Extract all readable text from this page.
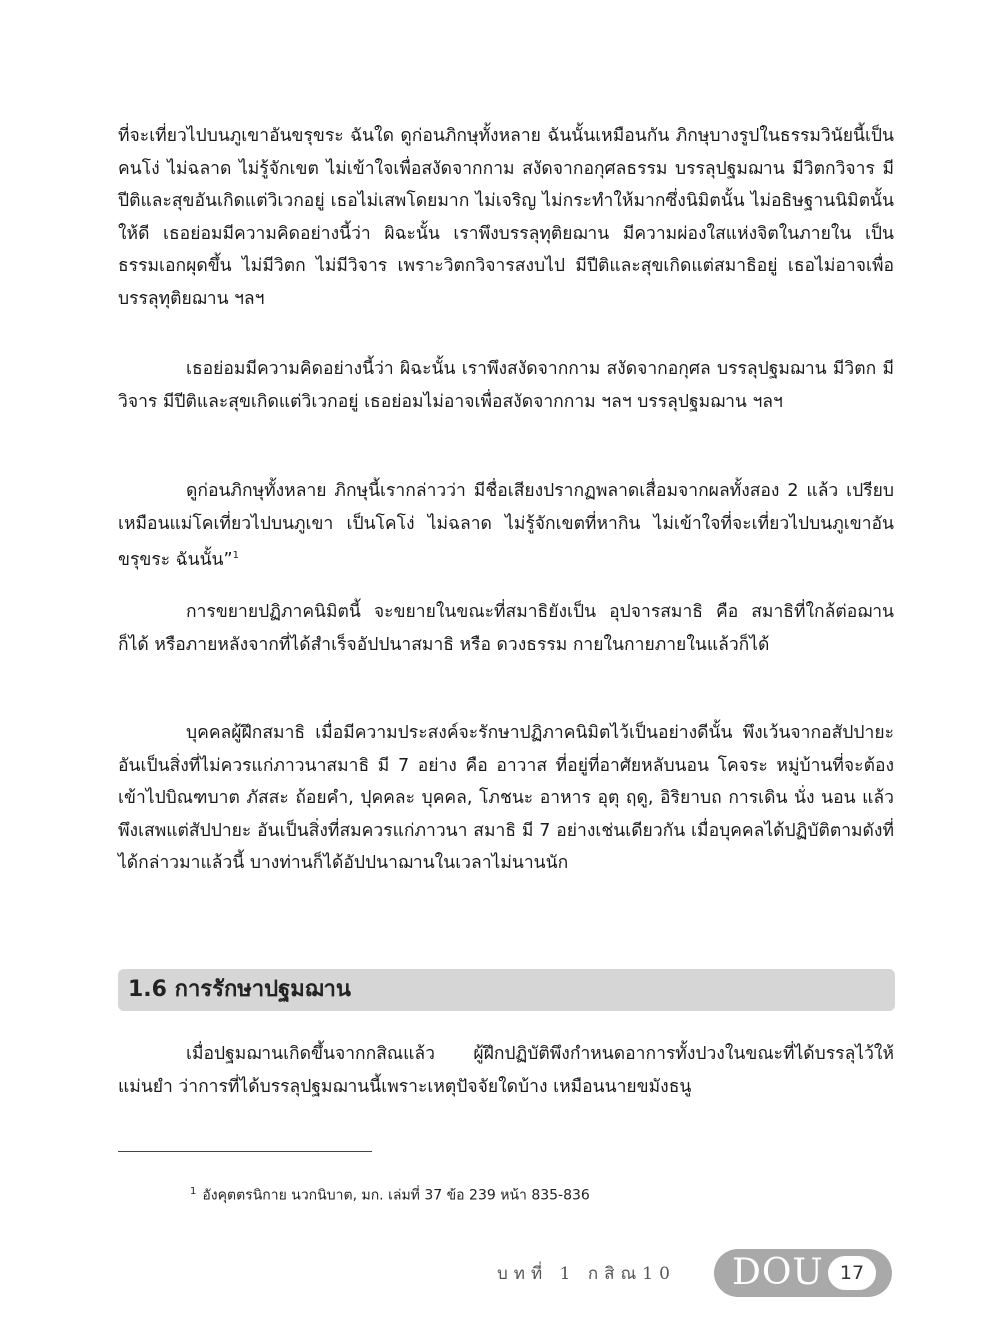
ที่จะเที่ยวไปบนภูเขาอันขรุขระ ฉันใด ดูก่อนภิกษุทั้งหลาย ฉันนั้นเหมือนกัน ภิกษุบางรูปในธรรมวินัยนี้เป็นคนโง่ ไม่ฉลาด ไม่รู้จักเขต ไม่เข้าใจเพื่อสงัดจากกาม สงัดจากอกุศลธรรม บรรลุปฐมฌาน มีวิตกวิจาร มีปีติและสุขอันเกิดแต่วิเวกอยู่ เธอไม่เสพโดยมาก ไม่เจริญ ไม่กระทำให้มากซึ่งนิมิตนั้น ไม่อธิษฐานนิมิตนั้นให้ดี เธอย่อมมีความคิดอย่างนี้ว่า ผิฉะนั้น เราพึงบรรลุทุติยฌาน มีความผ่องใสแห่งจิตในภายใน เป็นธรรมเอกผุดขึ้น ไม่มีวิตก ไม่มีวิจาร เพราะวิตกวิจารสงบไป มีปีติและสุขเกิดแต่สมาธิอยู่ เธอไม่อาจเพื่อบรรลุทุติยฌาน ฯลฯ

เธอย่อมมีความคิดอย่างนี้ว่า ผิฉะนั้น เราพึงสงัดจากกาม สงัดจากอกุศล บรรลุปฐมฌาน มีวิตก มีวิจาร มีปีติและสุขเกิดแต่วิเวกอยู่ เธอย่อมไม่อาจเพื่อสงัดจากกาม ฯลฯ บรรลุปฐมฌาน ฯลฯ

ดูก่อนภิกษุทั้งหลาย ภิกษุนี้เรากล่าวว่า มีชื่อเสียงปรากฏพลาดเสื่อมจากผลทั้งสอง 2 แล้ว เปรียบเหมือนแม่โคเที่ยวไปบนภูเขา เป็นโคโง่ ไม่ฉลาด ไม่รู้จักเขตที่หากิน ไม่เข้าใจที่จะเที่ยวไปบนภูเขาอันขรุขระ ฉันนั้น”$^1$

การขยายปฏิภาคนิมิตนี้ จะขยายในขณะที่สมาธิยังเป็น อุปจารสมาธิ คือ สมาธิที่ใกล้ต่อฌานก็ได้ หรือภายหลังจากที่ได้สำเร็จอัปปนาสมาธิ หรือ ดวงธรรม กายในกายภายในแล้วก็ได้

บุคคลผู้ฝึกสมาธิ เมื่อมีความประสงค์จะรักษาปฏิภาคนิมิตไว้เป็นอย่างดีนั้น พึงเว้นจากอสัปปายะ อันเป็นสิ่งที่ไม่ควรแก่ภาวนาสมาธิ มี 7 อย่าง คือ อาวาส ที่อยู่ที่อาศัยหลับนอน โคจระ หมู่บ้านที่จะต้องเข้าไปบิณฑบาต ภัสสะ ถ้อยคำ, ปุคคละ บุคคล, โภชนะ อาหาร อุตุ ฤดู, อิริยาบถ การเดิน นั่ง นอน แล้วพึงเสพแต่สัปปายะ อันเป็นสิ่งที่สมควรแก่ภาวนา สมาธิ มี 7 อย่างเช่นเดียวกัน เมื่อบุคคลได้ปฏิบัติตามดังที่ได้กล่าวมาแล้วนี้ บางท่านก็ได้อัปปนาฌานในเวลาไม่นานนัก

1.6 การรักษาปฐมฌาน

เมื่อปฐมฌานเกิดขึ้นจากกสิณแล้ว ผู้ฝึกปฏิบัติพึงกำหนดอาการทั้งปวงในขณะที่ได้บรรลุไว้ให้แม่นยำ ว่าการที่ได้บรรลุปฐมฌานนี้เพราะเหตุปัจจัยใดบ้าง เหมือนนายขมังธนู

$^1$ อังคุตตรนิกาย นวกนิบาต, มก. เล่มที่ 37 ข้อ 239 หน้า 835-836
บทที่ 1 กสิณ10 DOU 17
